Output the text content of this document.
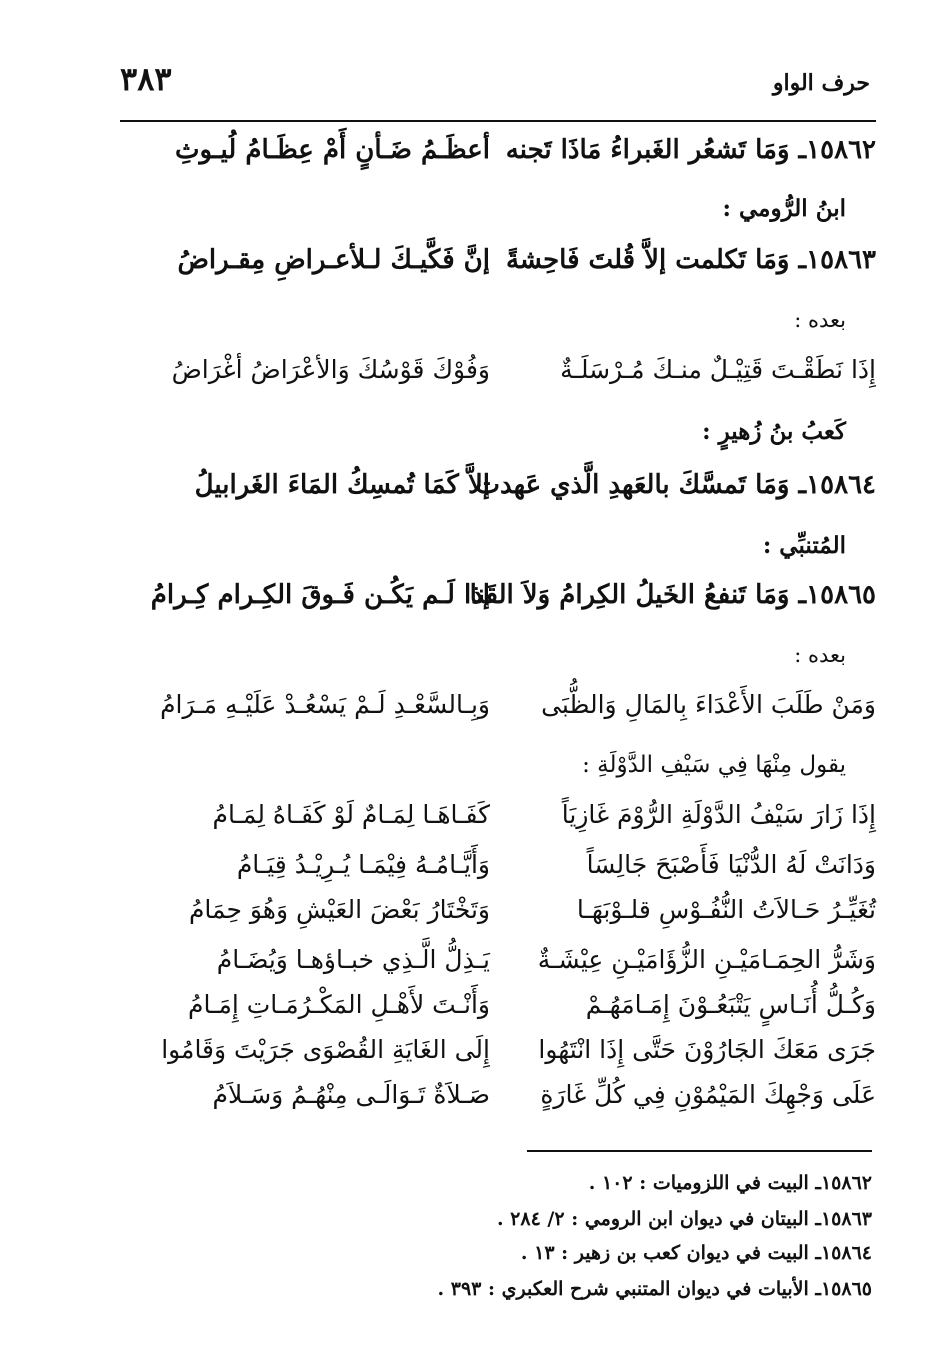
حرف الواو
٣٨٣
١٥٨٦٢ـ وَمَا تَشعُر الغَبراءُ مَاذَا تَجنه
أعظَـمُ ضَـأنٍ أَمْ عِظَـامُ لُيـوثِ
ابنُ الرُّومي :
١٥٨٦٣ـ وَمَا تَكلمت إلاَّ قُلتَ فَاحِشةً
إنَّ فَكَّيـكَ لـلأعـراضِ مِقـراضُ
بعده :
إِذَا نَطَقْـتَ قَتِيْـلٌ منـكَ مُـرْسَلَـةٌ
وَفُوْكَ قَوْسُكَ وَالأعْرَاضُ أغْرَاضُ
كَعبُ بنُ زُهيرٍ :
١٥٨٦٤ـ وَمَا تَمسَّكَ بالعَهدِ الَّذي عَهدت
إلاَّ كَمَا تُمسِكُ المَاءَ الغَرابيلُ
المُتنبِّي :
١٥٨٦٥ـ وَمَا تَنفعُ الخَيلُ الكِرامُ وَلاَ القَنا
إذا لَـم يَكُـن فَـوقَ الكِـرام كِـرامُ
بعده :
وَمَنْ طَلَبَ الأَعْدَاءَ بِالمَالِ وَالظُّبَى
وَبِـالسَّعْـدِ لَـمْ يَسْعُـدْ عَلَيْـهِ مَـرَامُ
يقول مِنْهَا فِي سَيْفِ الدَّوْلَةِ :
إِذَا زَارَ سَيْفُ الدَّوْلَةِ الرُّوْمَ غَازِيَاً
كَفَـاهَـا لِمَـامٌ لَوْ كَفَـاهُ لِمَـامُ
وَدَانَتْ لَهُ الدُّنْيَا فَأَصْبَحَ جَالِسَاً
وَأَيَّـامُـهُ فِيْمَـا يُـرِيْـدُ قِيَـامُ
تُغَيِّـرُ حَـالاَتُ النُّفُـوْسِ قلـوْبَهَـا
وَتَخْتَارُ بَعْضَ العَيْشِ وَهُوَ حِمَامُ
وَشَرُّ الحِمَـامَيْـنِ الزُّؤَامَيْـنِ عِيْشَـةٌ
يَـذِلُّ الَّـذِي خبـاؤهـا وَيُضَـامُ
وَكُـلُّ أُنَـاسٍ يَتْبَعُـوْنَ إِمَـامَهُـمْ
وَأَنْـتَ لأَهْـلِ المَكْـرُمَـاتِ إِمَـامُ
جَرَى مَعَكَ الجَارُوْنَ حَتَّى إِذَا انْتَهُوا
إِلَى الغَايَةِ القُصْوَى جَرَيْتَ وَقَامُوا
عَلَى وَجْهِكَ المَيْمُوْنِ فِي كُلِّ غَارَةٍ
صَـلاَةٌ تَـوَالَـى مِنْهُـمُ وَسَـلاَمُ
١٥٨٦٢ـ البيت في اللزوميات : ١٠٢ .
١٥٨٦٣ـ البيتان في ديوان ابن الرومي : ٢/ ٢٨٤ .
١٥٨٦٤ـ البيت في ديوان كعب بن زهير : ١٣ .
١٥٨٦٥ـ الأبيات في ديوان المتنبي شرح العكبري : ٣٩٣ .
